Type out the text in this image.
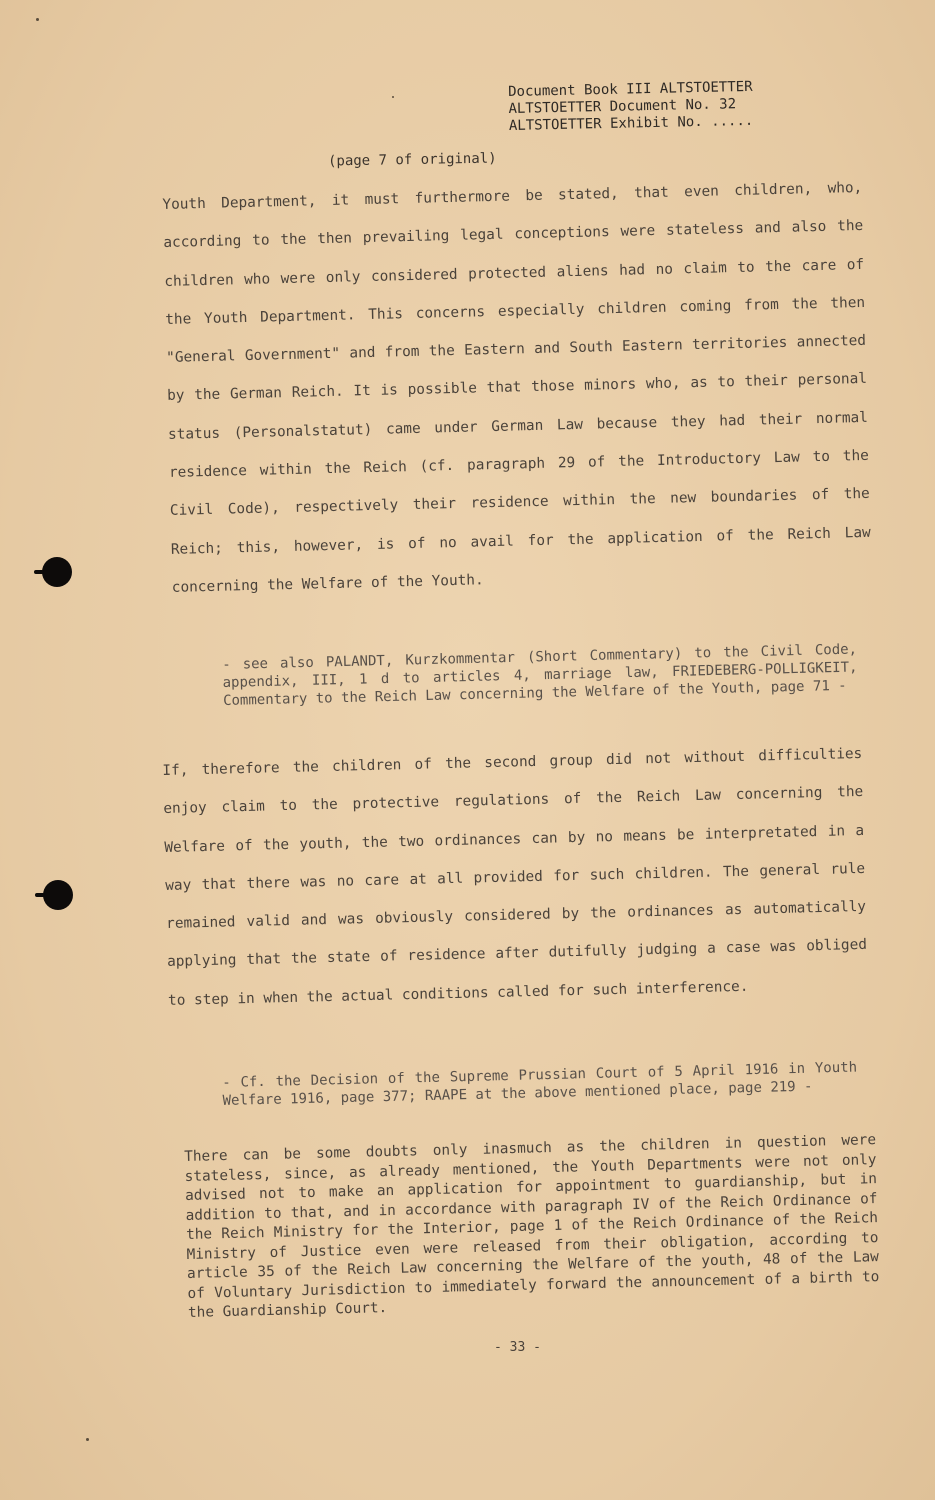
Document Book III ALTSTOETTER
ALTSTOETTER Document No. 32
ALTSTOETTER Exhibit No. .....
(page 7 of original)
Youth Department, it must furthermore be stated, that even children, who, according to the then prevailing legal conceptions were stateless and also the children who were only considered protected aliens had no claim to the care of the Youth Department. This concerns especially children coming from the then "General Government" and from the Eastern and South Eastern territories annected by the German Reich. It is possible that those minors who, as to their personal status (Personalstatut) came under German Law because they had their normal residence within the Reich (cf. paragraph 29 of the Introductory Law to the Civil Code), respectively their residence within the new boundaries of the Reich; this, however, is of no avail for the application of the Reich Law concerning the Welfare of the Youth.
- see also PALANDT, Kurzkommentar (Short Commentary) to the Civil Code, appendix, III, 1 d to articles 4, marriage law, FRIEDEBERG-POLLIGKEIT, Commentary to the Reich Law concerning the Welfare of the Youth, page 71 -
If, therefore the children of the second group did not without difficulties enjoy claim to the protective regulations of the Reich Law concerning the Welfare of the youth, the two ordinances can by no means be interpretated in a way that there was no care at all provided for such children. The general rule remained valid and was obviously considered by the ordinances as automatically applying that the state of residence after dutifully judging a case was obliged to step in when the actual conditions called for such interference.
- Cf. the Decision of the Supreme Prussian Court of 5 April 1916 in Youth Welfare 1916, page 377; RAAPE at the above mentioned place, page 219 -
There can be some doubts only inasmuch as the children in question were stateless, since, as already mentioned, the Youth Departments were not only advised not to make an application for appointment to guardianship, but in addition to that, and in accordance with paragraph IV of the Reich Ordinance of the Reich Ministry for the Interior, page 1 of the Reich Ordinance of the Reich Ministry of Justice even were released from their obligation, according to article 35 of the Reich Law concerning the Welfare of the youth, 48 of the Law of Voluntary Jurisdiction to immediately forward the announcement of a birth to the Guardianship Court.
- 33 -
